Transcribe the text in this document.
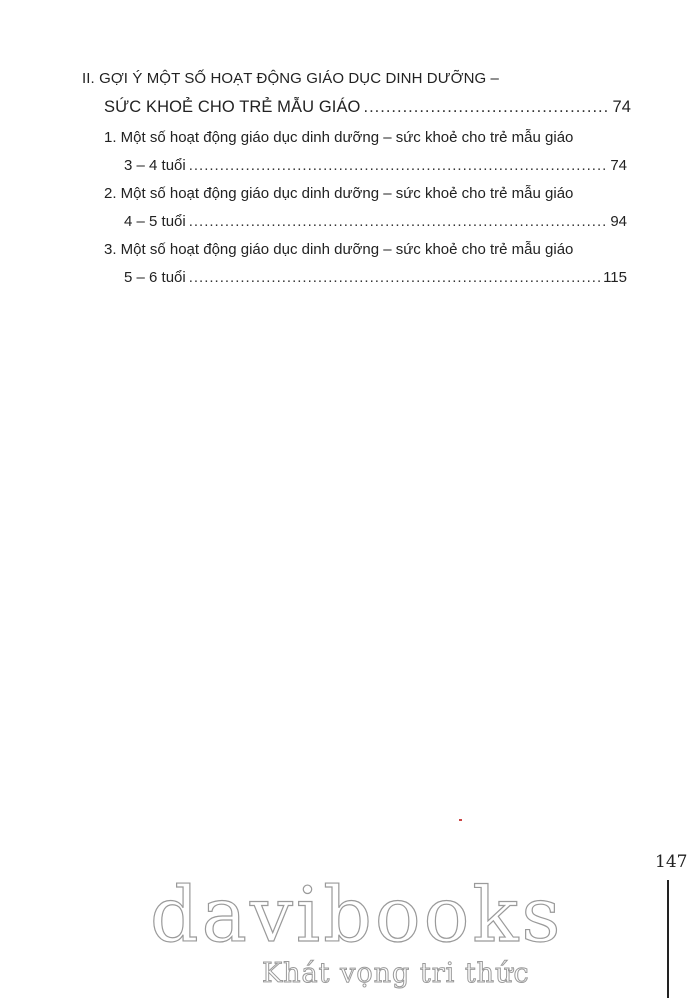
II. GỢI Ý MỘT SỐ HOẠT ĐỘNG GIÁO DỤC DINH DƯỠNG –
SỨC KHOẺ CHO TRẺ MẪU GIÁO .....	74
1. Một số hoạt động giáo dục dinh dưỡng – sức khoẻ cho trẻ mẫu giáo
3 – 4 tuổi .....	74
2. Một số hoạt động giáo dục dinh dưỡng – sức khoẻ cho trẻ mẫu giáo
4 – 5 tuổi .....	94
3. Một số hoạt động giáo dục dinh dưỡng – sức khoẻ cho trẻ mẫu giáo
5 – 6 tuổi .....	115
147
davibooks
Khát vọng tri thức
